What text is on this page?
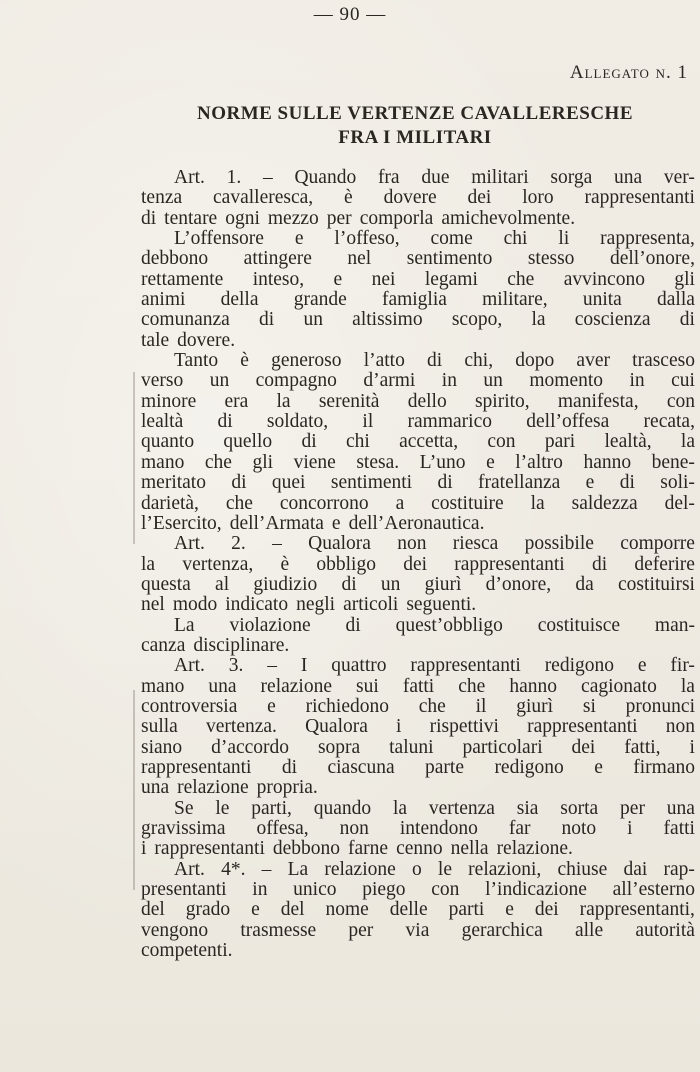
— 90 —
Allegato n. 1
NORME SULLE VERTENZE CAVALLERESCHE
FRA I MILITARI
Art. 1. – Quando fra due militari sorga una ver-
tenza cavalleresca, è dovere dei loro rappresentanti
di tentare ogni mezzo per comporla amichevolmente.
L’offensore e l’offeso, come chi li rappresenta,
debbono attingere nel sentimento stesso dell’onore,
rettamente inteso, e nei legami che avvincono gli
animi della grande famiglia militare, unita dalla
comunanza di un altissimo scopo, la coscienza di
tale dovere.
Tanto è generoso l’atto di chi, dopo aver trasceso
verso un compagno d’armi in un momento in cui
minore era la serenità dello spirito, manifesta, con
lealtà di soldato, il rammarico dell’offesa recata,
quanto quello di chi accetta, con pari lealtà, la
mano che gli viene stesa. L’uno e l’altro hanno bene-
meritato di quei sentimenti di fratellanza e di soli-
darietà, che concorrono a costituire la saldezza del-
l’Esercito, dell’Armata e dell’Aeronautica.
Art. 2. – Qualora non riesca possibile comporre
la vertenza, è obbligo dei rappresentanti di deferire
questa al giudizio di un giurì d’onore, da costituirsi
nel modo indicato negli articoli seguenti.
La violazione di quest’obbligo costituisce man-
canza disciplinare.
Art. 3. – I quattro rappresentanti redigono e fir-
mano una relazione sui fatti che hanno cagionato la
controversia e richiedono che il giurì si pronunci
sulla vertenza. Qualora i rispettivi rappresentanti non
siano d’accordo sopra taluni particolari dei fatti, i
rappresentanti di ciascuna parte redigono e firmano
una relazione propria.
Se le parti, quando la vertenza sia sorta per una
gravissima offesa, non intendono far noto i fatti
i rappresentanti debbono farne cenno nella relazione.
Art. 4*. – La relazione o le relazioni, chiuse dai rap-
presentanti in unico piego con l’indicazione all’esterno
del grado e del nome delle parti e dei rappresentanti,
vengono trasmesse per via gerarchica alle autorità
competenti.
